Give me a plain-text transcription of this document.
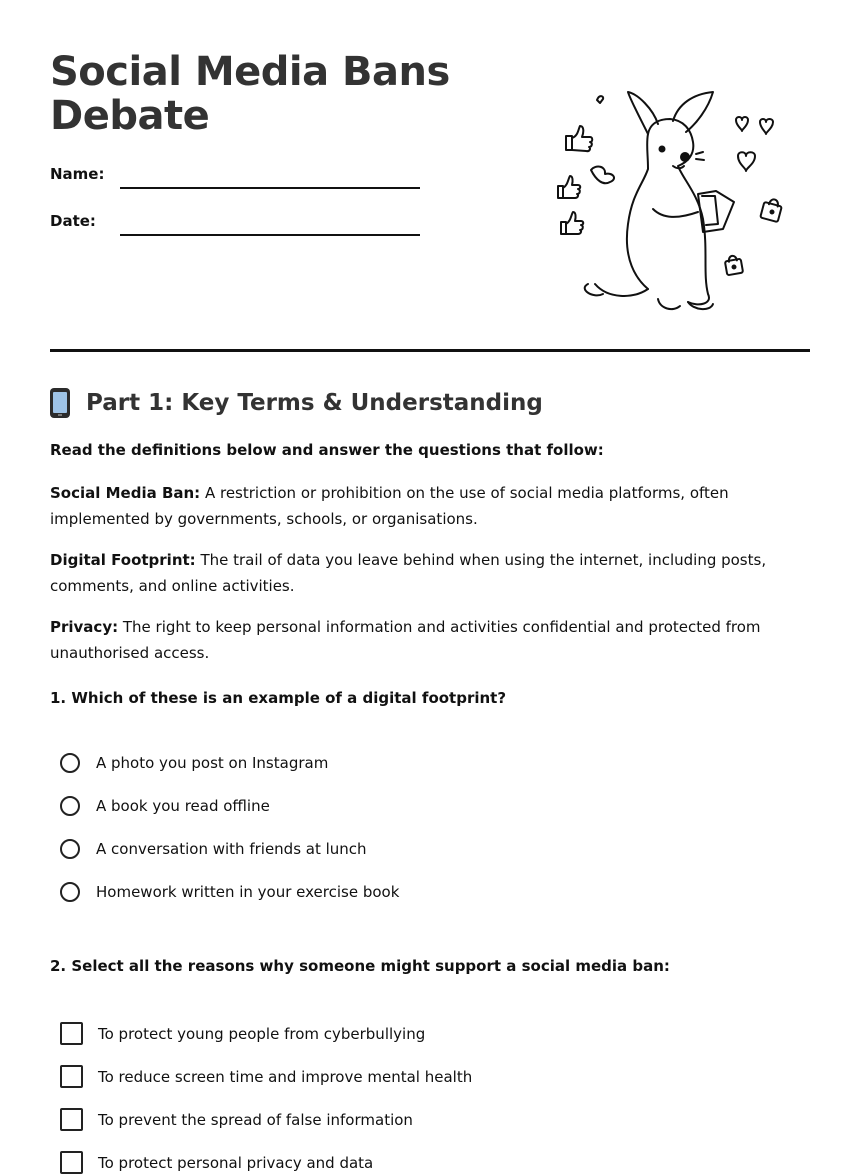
Social Media Bans
Debate
Name:
Date:
Part 1: Key Terms & Understanding
Read the definitions below and answer the questions that follow:
Social Media Ban: A restriction or prohibition on the use of social media platforms, often implemented by governments, schools, or organisations.
Digital Footprint: The trail of data you leave behind when using the internet, including posts, comments, and online activities.
Privacy: The right to keep personal information and activities confidential and protected from unauthorised access.
1. Which of these is an example of a digital footprint?
A photo you post on Instagram
A book you read offline
A conversation with friends at lunch
Homework written in your exercise book
2. Select all the reasons why someone might support a social media ban:
To protect young people from cyberbullying
To reduce screen time and improve mental health
To prevent the spread of false information
To protect personal privacy and data
